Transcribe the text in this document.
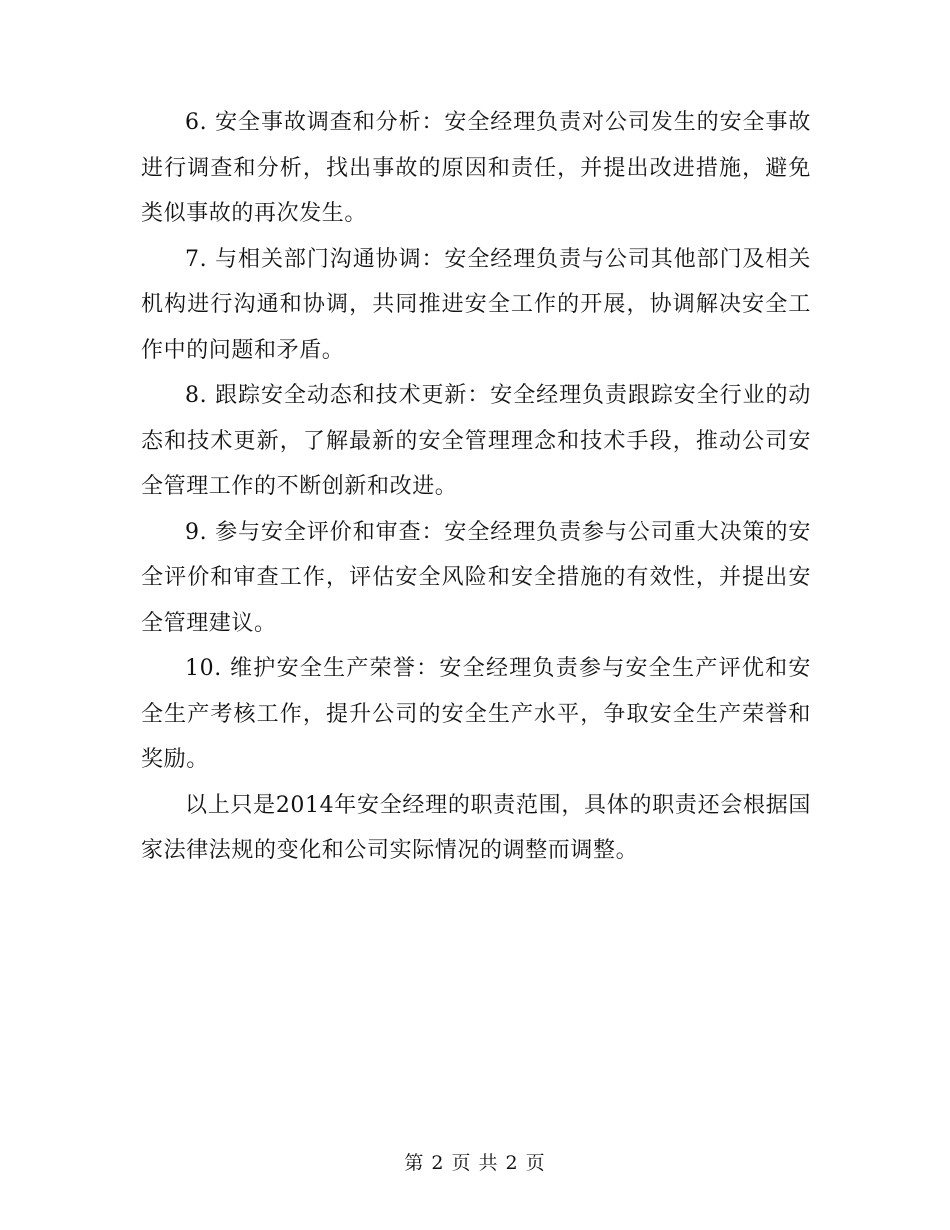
6. 安全事故调查和分析：安全经理负责对公司发生的安全事故进行调查和分析，找出事故的原因和责任，并提出改进措施，避免类似事故的再次发生。

7. 与相关部门沟通协调：安全经理负责与公司其他部门及相关机构进行沟通和协调，共同推进安全工作的开展，协调解决安全工作中的问题和矛盾。

8. 跟踪安全动态和技术更新：安全经理负责跟踪安全行业的动态和技术更新，了解最新的安全管理理念和技术手段，推动公司安全管理工作的不断创新和改进。

9. 参与安全评价和审查：安全经理负责参与公司重大决策的安全评价和审查工作，评估安全风险和安全措施的有效性，并提出安全管理建议。

10. 维护安全生产荣誉：安全经理负责参与安全生产评优和安全生产考核工作，提升公司的安全生产水平，争取安全生产荣誉和奖励。

以上只是2014年安全经理的职责范围，具体的职责还会根据国家法律法规的变化和公司实际情况的调整而调整。

第 2 页 共 2 页
